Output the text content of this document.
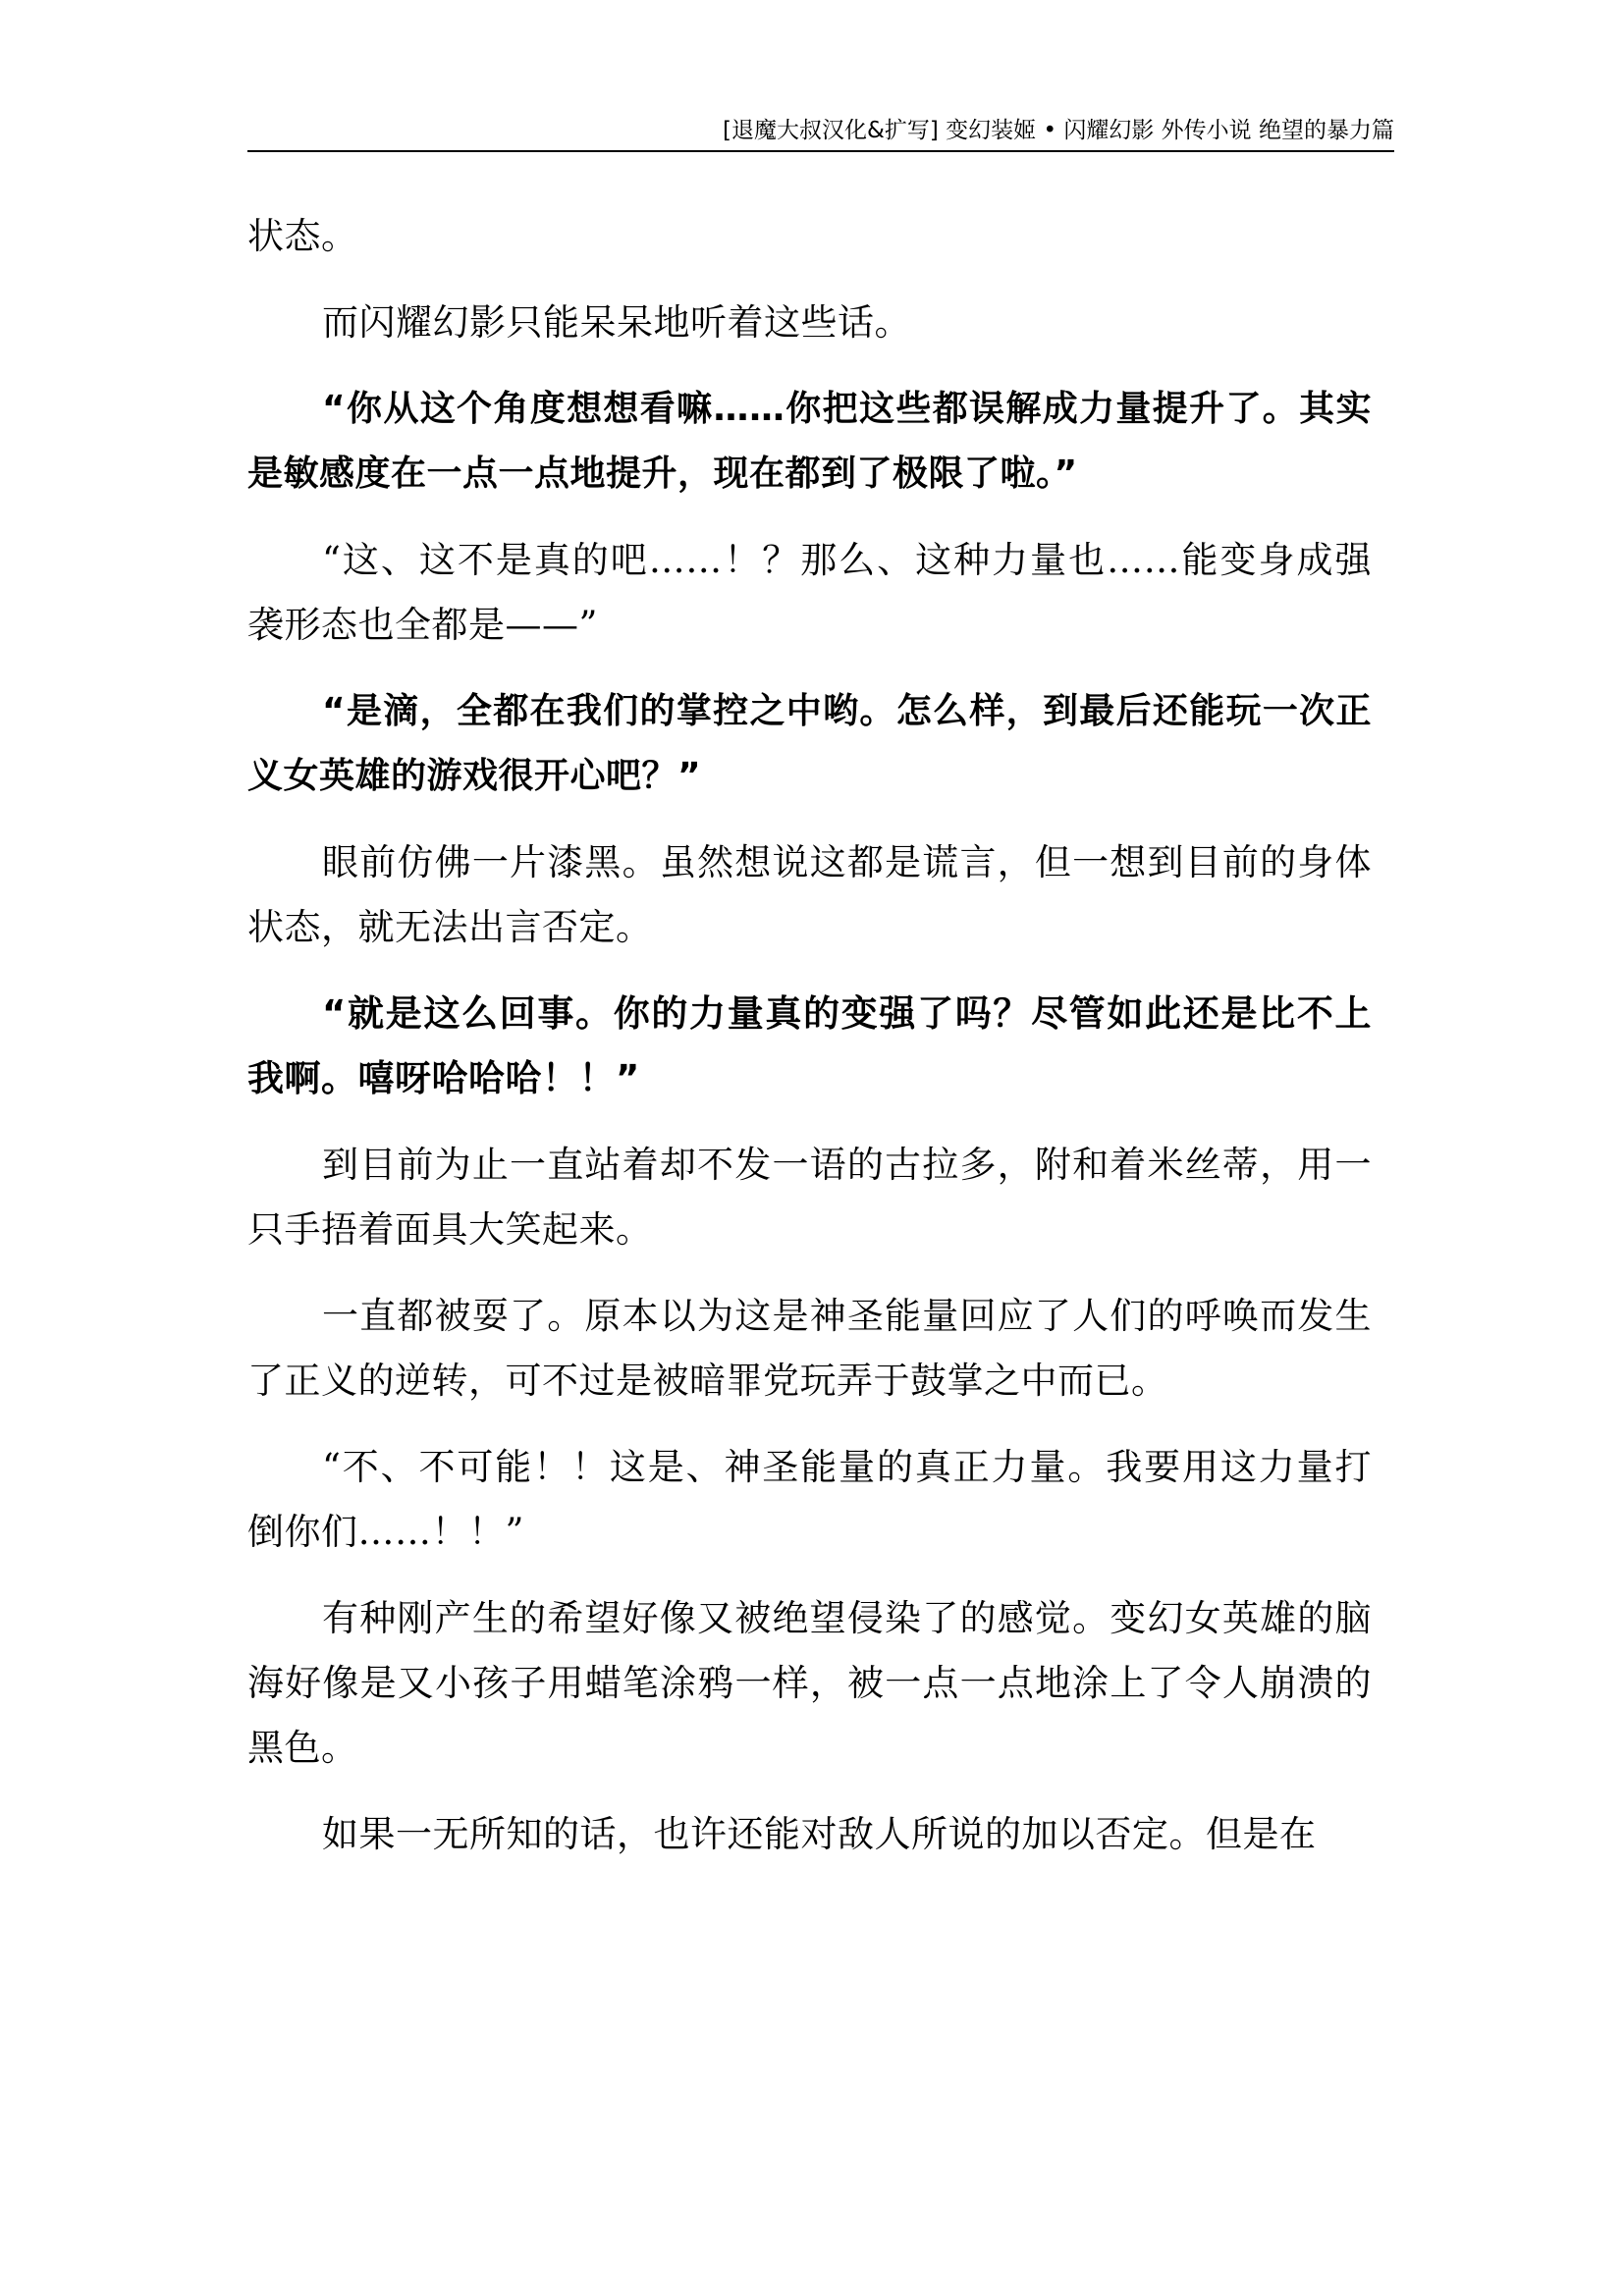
[退魔大叔汉化&扩写] 变幻装姬 • 闪耀幻影 外传小说 绝望的暴力篇

状态。

而闪耀幻影只能呆呆地听着这些话。

“你从这个角度想想看嘛……你把这些都误解成力量提升了。其实是敏感度在一点一点地提升，现在都到了极限了啦。”

“这、这不是真的吧……！？那么、这种力量也……能变身成强袭形态也全都是——”

“是滴，全都在我们的掌控之中哟。怎么样，到最后还能玩一次正义女英雄的游戏很开心吧？”

眼前仿佛一片漆黑。虽然想说这都是谎言，但一想到目前的身体状态，就无法出言否定。

“就是这么回事。你的力量真的变强了吗？尽管如此还是比不上我啊。嘻呀哈哈哈！！”

到目前为止一直站着却不发一语的古拉多，附和着米丝蒂，用一只手捂着面具大笑起来。

一直都被耍了。原本以为这是神圣能量回应了人们的呼唤而发生了正义的逆转，可不过是被暗罪党玩弄于鼓掌之中而已。

“不、不可能！！这是、神圣能量的真正力量。我要用这力量打倒你们……！！”

有种刚产生的希望好像又被绝望侵染了的感觉。变幻女英雄的脑海好像是又小孩子用蜡笔涂鸦一样，被一点一点地涂上了令人崩溃的黑色。

如果一无所知的话，也许还能对敌人所说的加以否定。但是在
